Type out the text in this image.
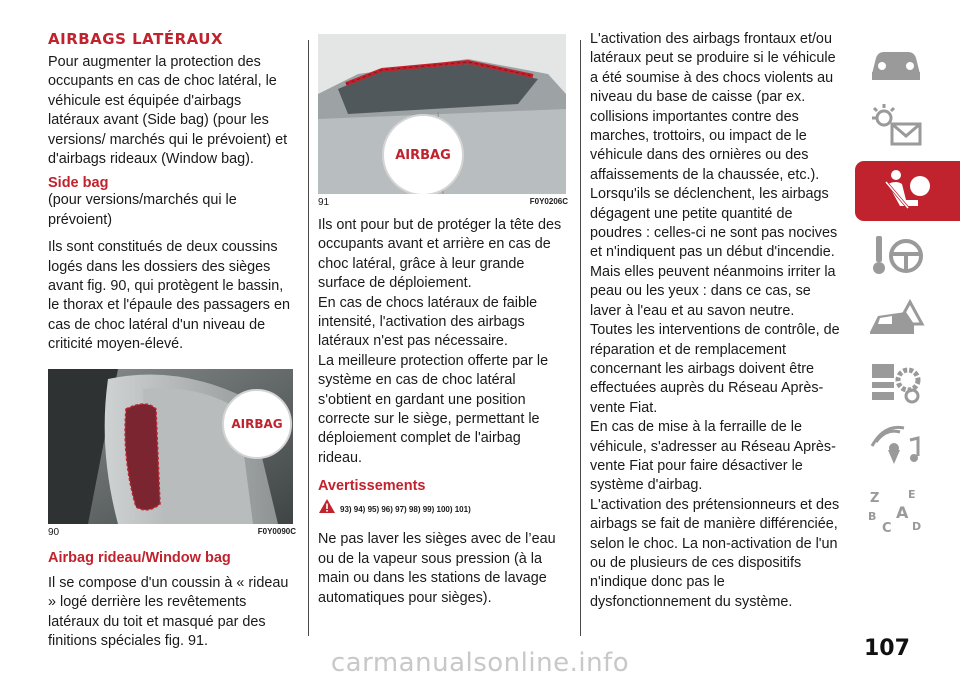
AIRBAGS LATÉRAUX

Pour augmenter la protection des occupants en cas de choc latéral, le véhicule est équipée d'airbags latéraux avant (Side bag) (pour les versions/ marchés qui le prévoient) et d'airbags rideaux (Window bag).

Side bag

(pour versions/marchés qui le prévoient)

Ils sont constitués de deux coussins logés dans les dossiers des sièges avant fig. 90, qui protègent le bassin, le thorax et l'épaule des passagers en cas de choc latéral d'un niveau de criticité moyen-élevé.

AIRBAG
90	F0Y0090C
Airbag rideau/Window bag

Il se compose d'un coussin à « rideau » logé derrière les revêtements latéraux du toit et masqué par des finitions spéciales fig. 91.

AIRBAG
91	F0Y0206C

Ils ont pour but de protéger la tête des occupants avant et arrière en cas de choc latéral, grâce à leur grande surface de déploiement.

En cas de chocs latéraux de faible intensité, l'activation des airbags latéraux n'est pas nécessaire.

La meilleure protection offerte par le système en cas de choc latéral s'obtient en gardant une position correcte sur le siège, permettant le déploiement complet de l'airbag rideau.

Avertissements
93) 94) 95) 96) 97) 98) 99) 100) 101)

Ne pas laver les sièges avec de l’eau ou de la vapeur sous pression (à la main ou dans les stations de lavage automatiques pour sièges).

L'activation des airbags frontaux et/ou latéraux peut se produire si le véhicule a été soumise à des chocs violents au niveau du base de caisse (par ex. collisions importantes contre des marches, trottoirs, ou impact de le véhicule dans des ornières ou des affaissements de la chaussée, etc.).

Lorsqu'ils se déclenchent, les airbags dégagent une petite quantité de poudres : celles-ci ne sont pas nocives et n'indiquent pas un début d'incendie. Mais elles peuvent néanmoins irriter la peau ou les yeux : dans ce cas, se laver à l'eau et au savon neutre.

Toutes les interventions de contrôle, de réparation et de remplacement concernant les airbags doivent être effectuées auprès du Réseau Après-vente Fiat.

En cas de mise à la ferraille de le véhicule, s'adresser au Réseau Après-vente Fiat pour faire désactiver le système d'airbag.

L'activation des prétensionneurs et des airbags se fait de manière différenciée, selon le choc. La non-activation de l'un ou de plusieurs de ces dispositifs n'indique donc pas le dysfonctionnement du système.

Z	E
B A
C D
107
carmanualsonline.info
